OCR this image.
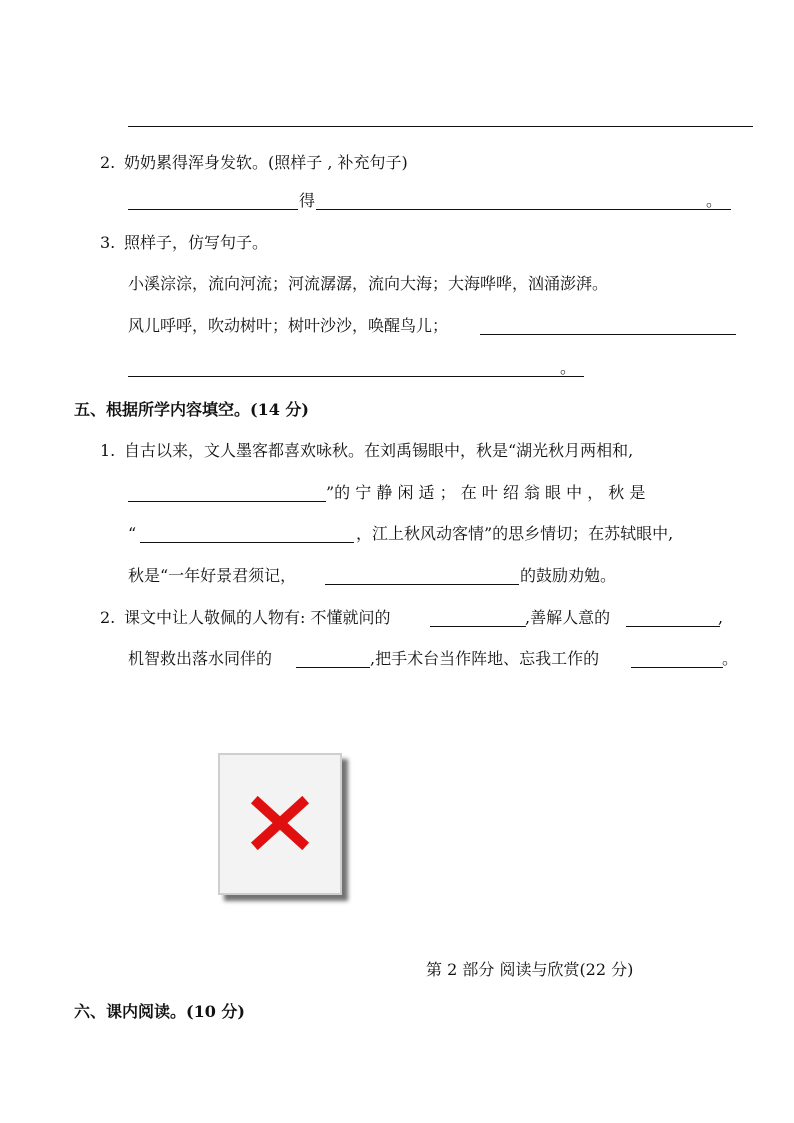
2. 奶奶累得浑身发软。(照样子 , 补充句子)
得	。
3. 照样子，仿写句子。
小溪淙淙，流向河流；河流潺潺，流向大海；大海哗哗，汹涌澎湃。
风儿呼呼，吹动树叶；树叶沙沙，唤醒鸟儿；
。
五、根据所学内容填空。(14 分)
1. 自古以来，文人墨客都喜欢咏秋。在刘禹锡眼中，秋是“湖光秋月两相和,
”的 宁 静 闲 适 ； 在 叶 绍 翁 眼 中 ， 秋 是
“	，江上秋风动客情”的思乡情切；在苏轼眼中,
秋是“一年好景君须记，	的鼓励劝勉。
2. 课文中让人敬佩的人物有: 不懂就问的	,善解人意的	,
机智救出落水同伴的	,把手术台当作阵地、忘我工作的	。
第 2 部分 阅读与欣赏(22 分)
六、课内阅读。(10 分)
